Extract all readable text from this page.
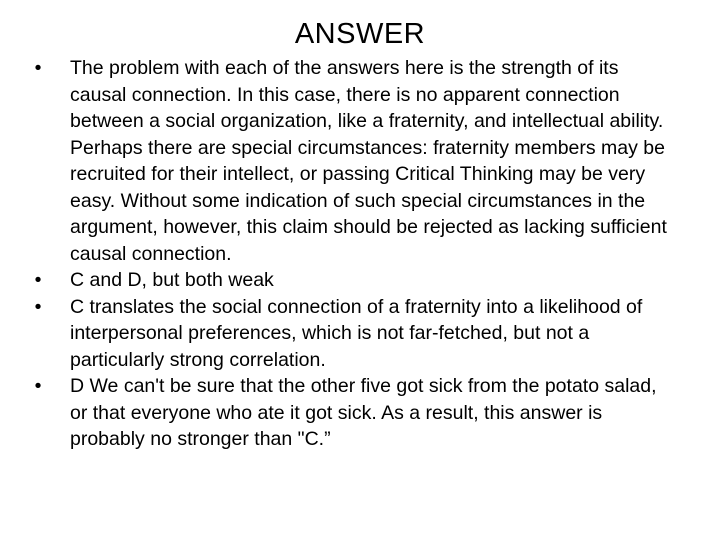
ANSWER
•	The problem with each of the answers here is the strength of its causal connection. In this case, there is no apparent connection between a social organization, like a fraternity, and intellectual ability. Perhaps there are special circumstances: fraternity members may be recruited for their intellect, or passing Critical Thinking may be very easy. Without some indication of such special circumstances in the argument, however, this claim should be rejected as lacking sufficient causal connection.
•	C and D, but both weak
•	C translates the social connection of a fraternity into a likelihood of interpersonal preferences, which is not far-fetched, but not a particularly strong correlation.
•	D We can't be sure that the other five got sick from the potato salad, or that everyone who ate it got sick. As a result, this answer is probably no stronger than "C.”
